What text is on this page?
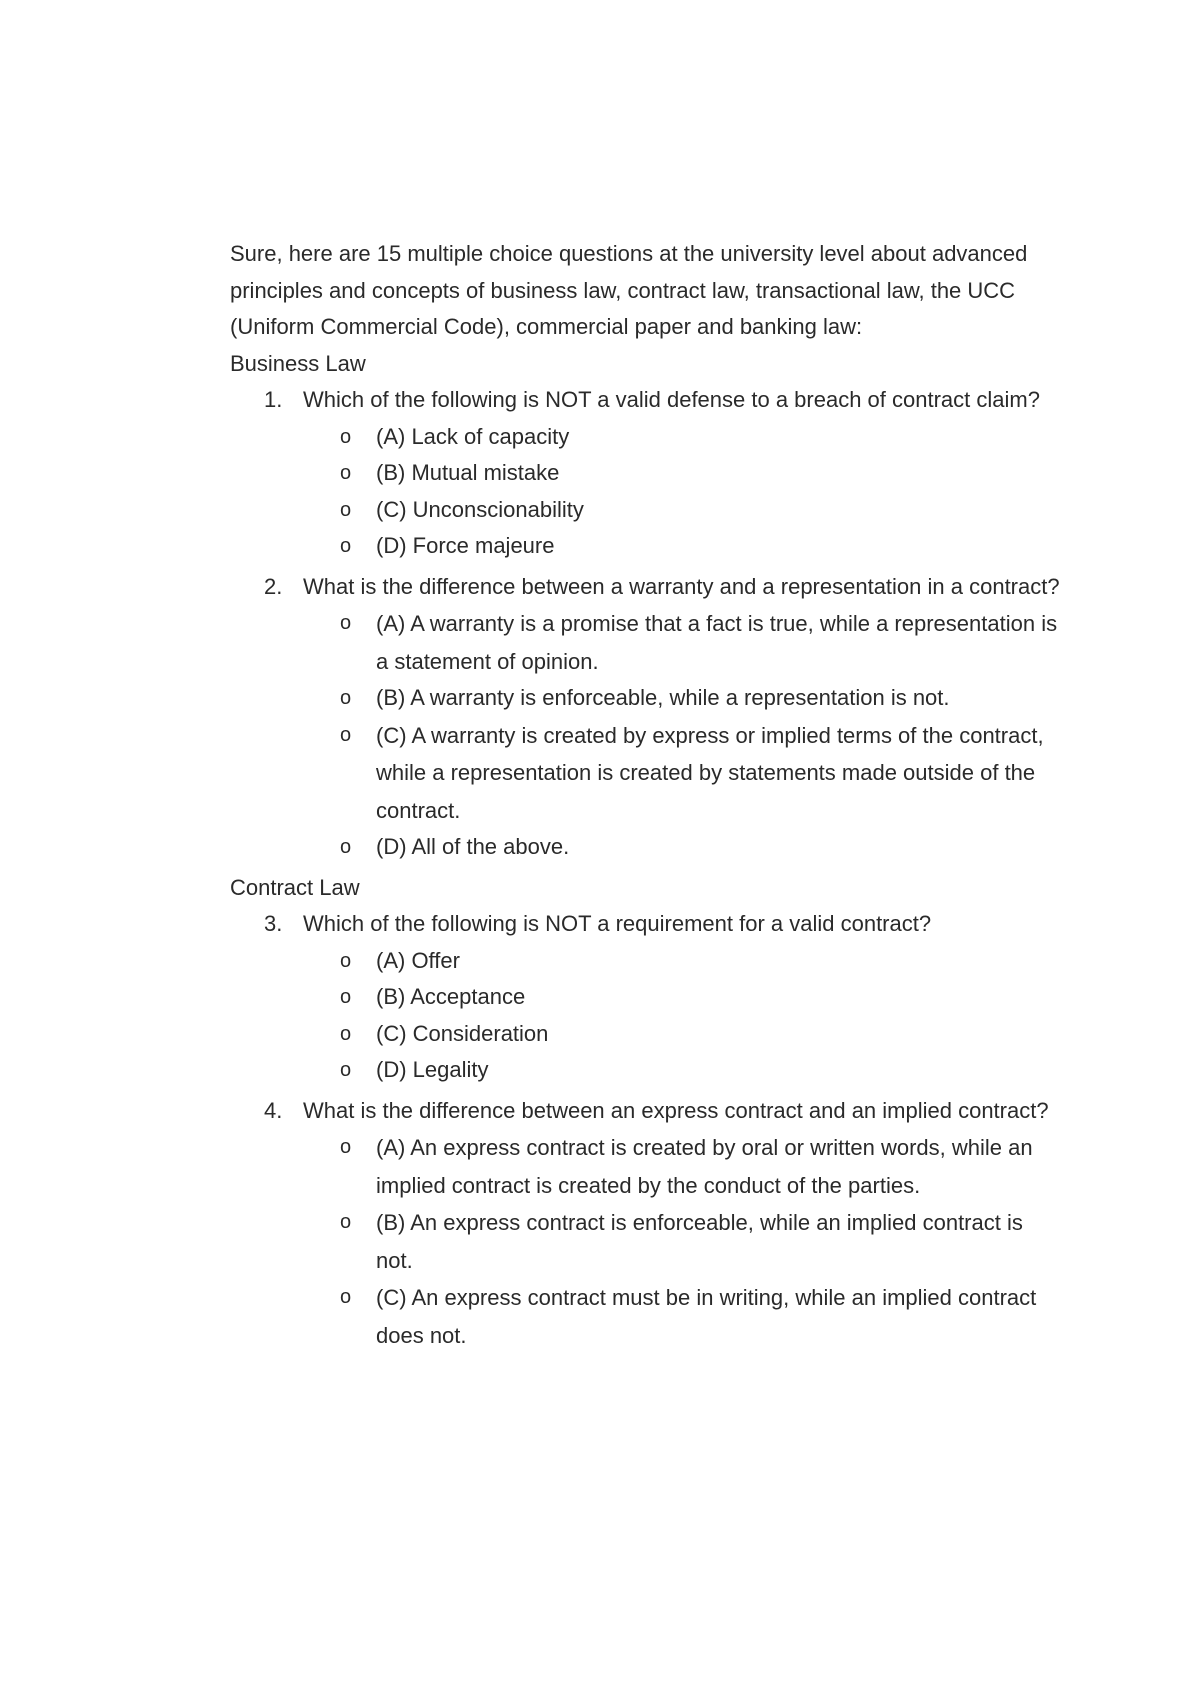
Sure, here are 15 multiple choice questions at the university level about advanced principles and concepts of business law, contract law, transactional law, the UCC (Uniform Commercial Code), commercial paper and banking law:

Business Law

1. Which of the following is NOT a valid defense to a breach of contract claim?
o (A) Lack of capacity
o (B) Mutual mistake
o (C) Unconscionability
o (D) Force majeure
2. What is the difference between a warranty and a representation in a contract?
o (A) A warranty is a promise that a fact is true, while a representation is a statement of opinion.
o (B) A warranty is enforceable, while a representation is not.
o (C) A warranty is created by express or implied terms of the contract, while a representation is created by statements made outside of the contract.
o (D) All of the above.

Contract Law

3. Which of the following is NOT a requirement for a valid contract?
o (A) Offer
o (B) Acceptance
o (C) Consideration
o (D) Legality
4. What is the difference between an express contract and an implied contract?
o (A) An express contract is created by oral or written words, while an implied contract is created by the conduct of the parties.
o (B) An express contract is enforceable, while an implied contract is not.
o (C) An express contract must be in writing, while an implied contract does not.
